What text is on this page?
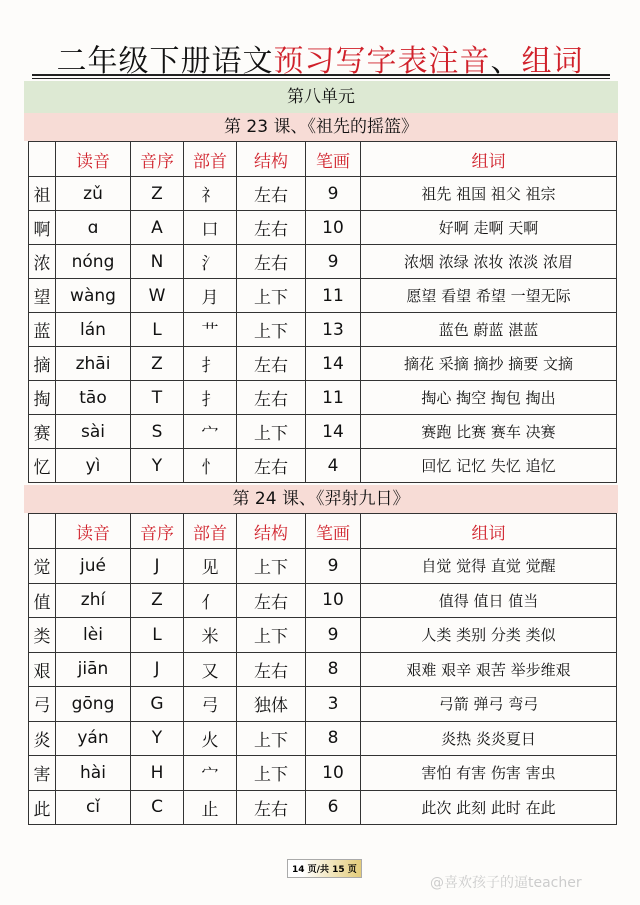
二年级下册语文预习写字表注音、组词
第八单元
第 23 课、《祖先的摇篮》
	读音	音序	部首	结构	笔画	组词
祖	zǔ	Z	礻	左右	9	祖先 祖国 祖父 祖宗
啊	ɑ	A	口	左右	10	好啊 走啊 天啊
浓	nóng	N	氵	左右	9	浓烟 浓绿 浓妆 浓淡 浓眉
望	wàng	W	月	上下	11	愿望 看望 希望 一望无际
蓝	lán	L	艹	上下	13	蓝色 蔚蓝 湛蓝
摘	zhāi	Z	扌	左右	14	摘花 采摘 摘抄 摘要 文摘
掏	tāo	T	扌	左右	11	掏心 掏空 掏包 掏出
赛	sài	S	宀	上下	14	赛跑 比赛 赛车 决赛
忆	yì	Y	忄	左右	4	回忆 记忆 失忆 追忆
第 24 课、《羿射九日》
	读音	音序	部首	结构	笔画	组词
觉	jué	J	见	上下	9	自觉 觉得 直觉 觉醒
值	zhí	Z	亻	左右	10	值得 值日 值当
类	lèi	L	米	上下	9	人类 类别 分类 类似
艰	jiān	J	又	左右	8	艰难 艰辛 艰苦 举步维艰
弓	gōng	G	弓	独体	3	弓箭 弹弓 弯弓
炎	yán	Y	火	上下	8	炎热 炎炎夏日
害	hài	H	宀	上下	10	害怕 有害 伤害 害虫
此	cǐ	C	止	左右	6	此次 此刻 此时 在此
14 页/共 15 页
@喜欢孩子的逼teacher
